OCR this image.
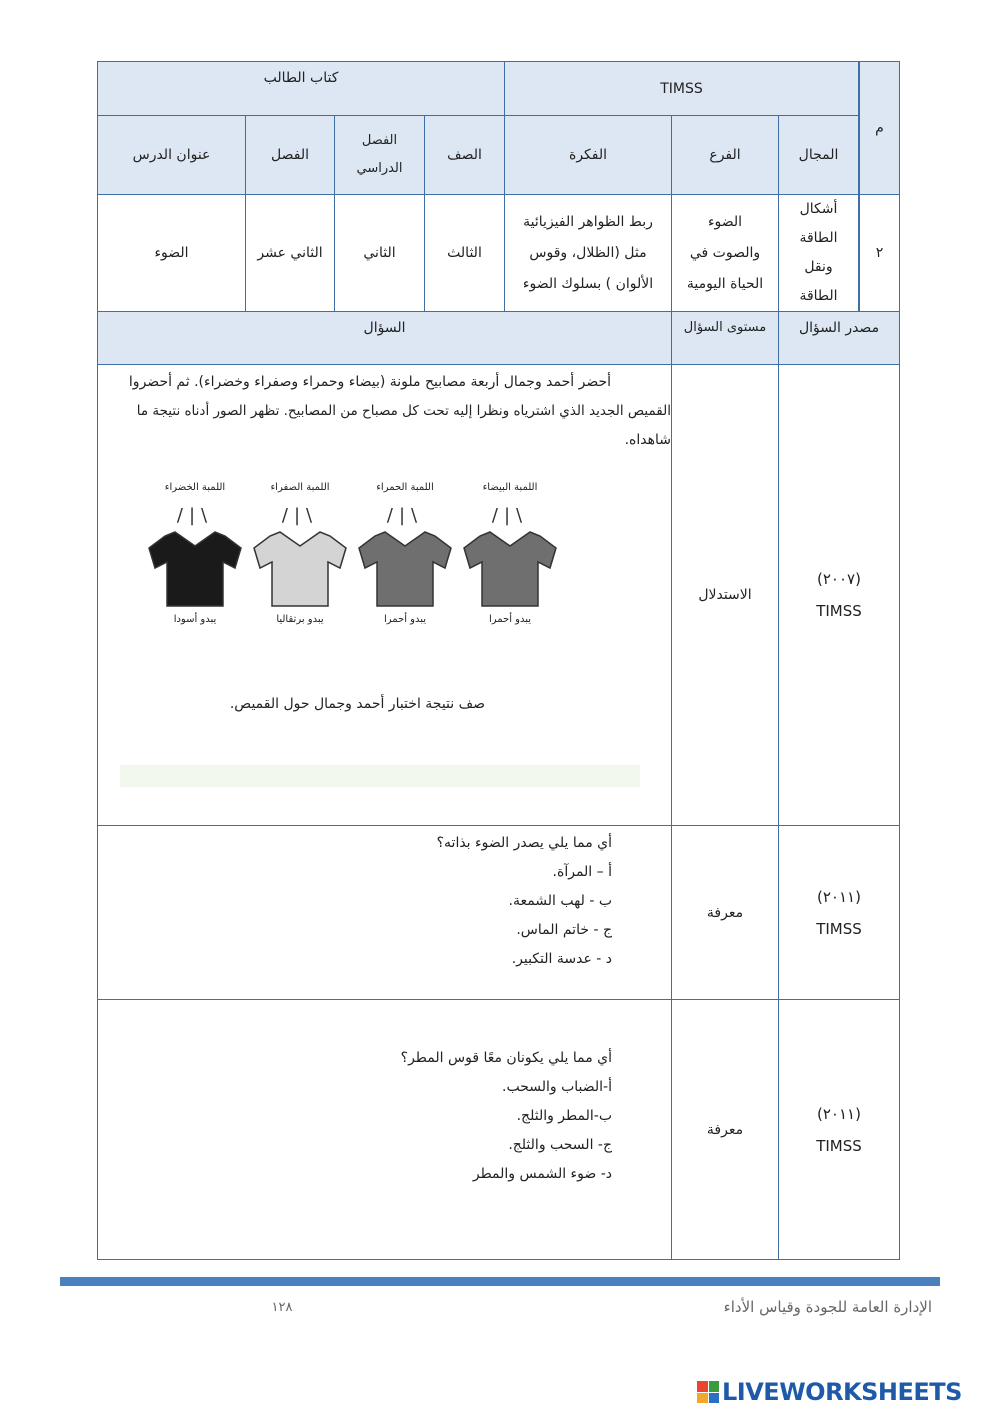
م
TIMSS
كتاب الطالب
المجال
الفرع
الفكرة
الصف
الفصل الدراسي
الفصل
عنوان الدرس
٢
أشكال
الطاقة
ونقل
الطاقة
الضوء
والصوت في
الحياة اليومية
ربط الظواهر الفيزيائية
مثل (الظلال، وقوس
الألوان ) بسلوك الضوء
الثالث
الثاني
الثاني عشر
الضوء
مصدر السؤال
مستوى السؤال
السؤال
(٢٠٠٧)
TIMSS
الاستدلال
أحضر أحمد وجمال أربعة مصابيح ملونة (بيضاء وحمراء وصفراء وخضراء). ثم أحضروا
القميص الجديد الذي اشترياه ونظرا إليه تحت كل مصباح من المصابيح. تظهر الصور أدناه نتيجة ما
شاهداه.
اللمبة البيضاء
/|\
يبدو أحمرا
اللمبة الحمراء
/|\
يبدو أحمرا
اللمبة الصفراء
/|\
يبدو برتقاليا
اللمبة الخضراء
/|\
يبدو أسودا
صف نتيجة اختبار أحمد وجمال حول القميص.
(٢٠١١)
TIMSS
معرفة
أي مما يلي يصدر الضوء بذاته؟
أ – المرآة.
ب - لهب الشمعة.
ج - خاتم الماس.
د - عدسة التكبير.
(٢٠١١)
TIMSS
معرفة
أي مما يلي يكونان معًا قوس المطر؟
أ-الضباب والسحب.
ب-المطر والثلج.
ج- السحب والثلج.
د- ضوء الشمس والمطر
١٢٨	الإدارة العامة للجودة وقياس الأداء
LIVEWORKSHEETS
